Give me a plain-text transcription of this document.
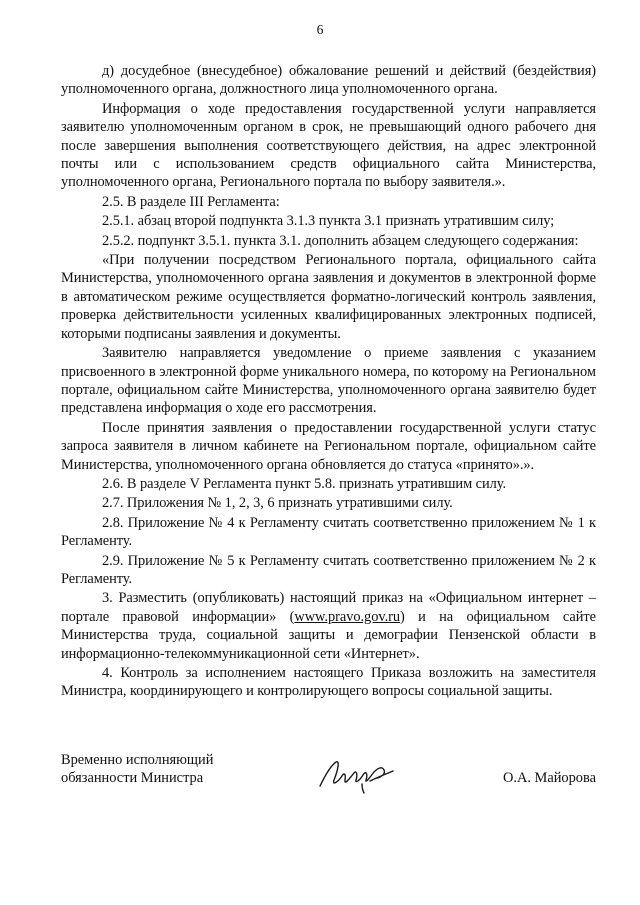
6

д) досудебное (внесудебное) обжалование решений и действий (бездействия) уполномоченного органа, должностного лица уполномоченного органа.

Информация о ходе предоставления государственной услуги направляется заявителю уполномоченным органом в срок, не превышающий одного рабочего дня после завершения выполнения соответствующего действия, на адрес электронной почты или с использованием средств официального сайта Министерства, уполномоченного органа, Регионального портала по выбору заявителя.».

2.5. В разделе III Регламента:

2.5.1. абзац второй подпункта 3.1.3 пункта 3.1 признать утратившим силу;

2.5.2. подпункт 3.5.1. пункта 3.1. дополнить абзацем следующего содержания:

«При получении посредством Регионального портала, официального сайта Министерства, уполномоченного органа заявления и документов в электронной форме в автоматическом режиме осуществляется форматно-логический контроль заявления, проверка действительности усиленных квалифицированных электронных подписей, которыми подписаны заявления и документы.

Заявителю направляется уведомление о приеме заявления с указанием присвоенного в электронной форме уникального номера, по которому на Региональном портале, официальном сайте Министерства, уполномоченного органа заявителю будет представлена информация о ходе его рассмотрения.

После принятия заявления о предоставлении государственной услуги статус запроса заявителя в личном кабинете на Региональном портале, официальном сайте Министерства, уполномоченного органа обновляется до статуса «принято».».

2.6. В разделе V Регламента пункт 5.8. признать утратившим силу.

2.7. Приложения № 1, 2, 3, 6 признать утратившими силу.

2.8. Приложение № 4 к Регламенту считать соответственно приложением № 1 к Регламенту.

2.9. Приложение № 5 к Регламенту считать соответственно приложением № 2 к Регламенту.

3. Разместить (опубликовать) настоящий приказ на «Официальном интернет – портале правовой информации» (www.pravo.gov.ru) и на официальном сайте Министерства труда, социальной защиты и демографии Пензенской области в информационно-телекоммуникационной сети «Интернет».

4. Контроль за исполнением настоящего Приказа возложить на заместителя Министра, координирующего и контролирующего вопросы социальной защиты.

Временно исполняющий
обязанности Министра	О.А. Майорова
